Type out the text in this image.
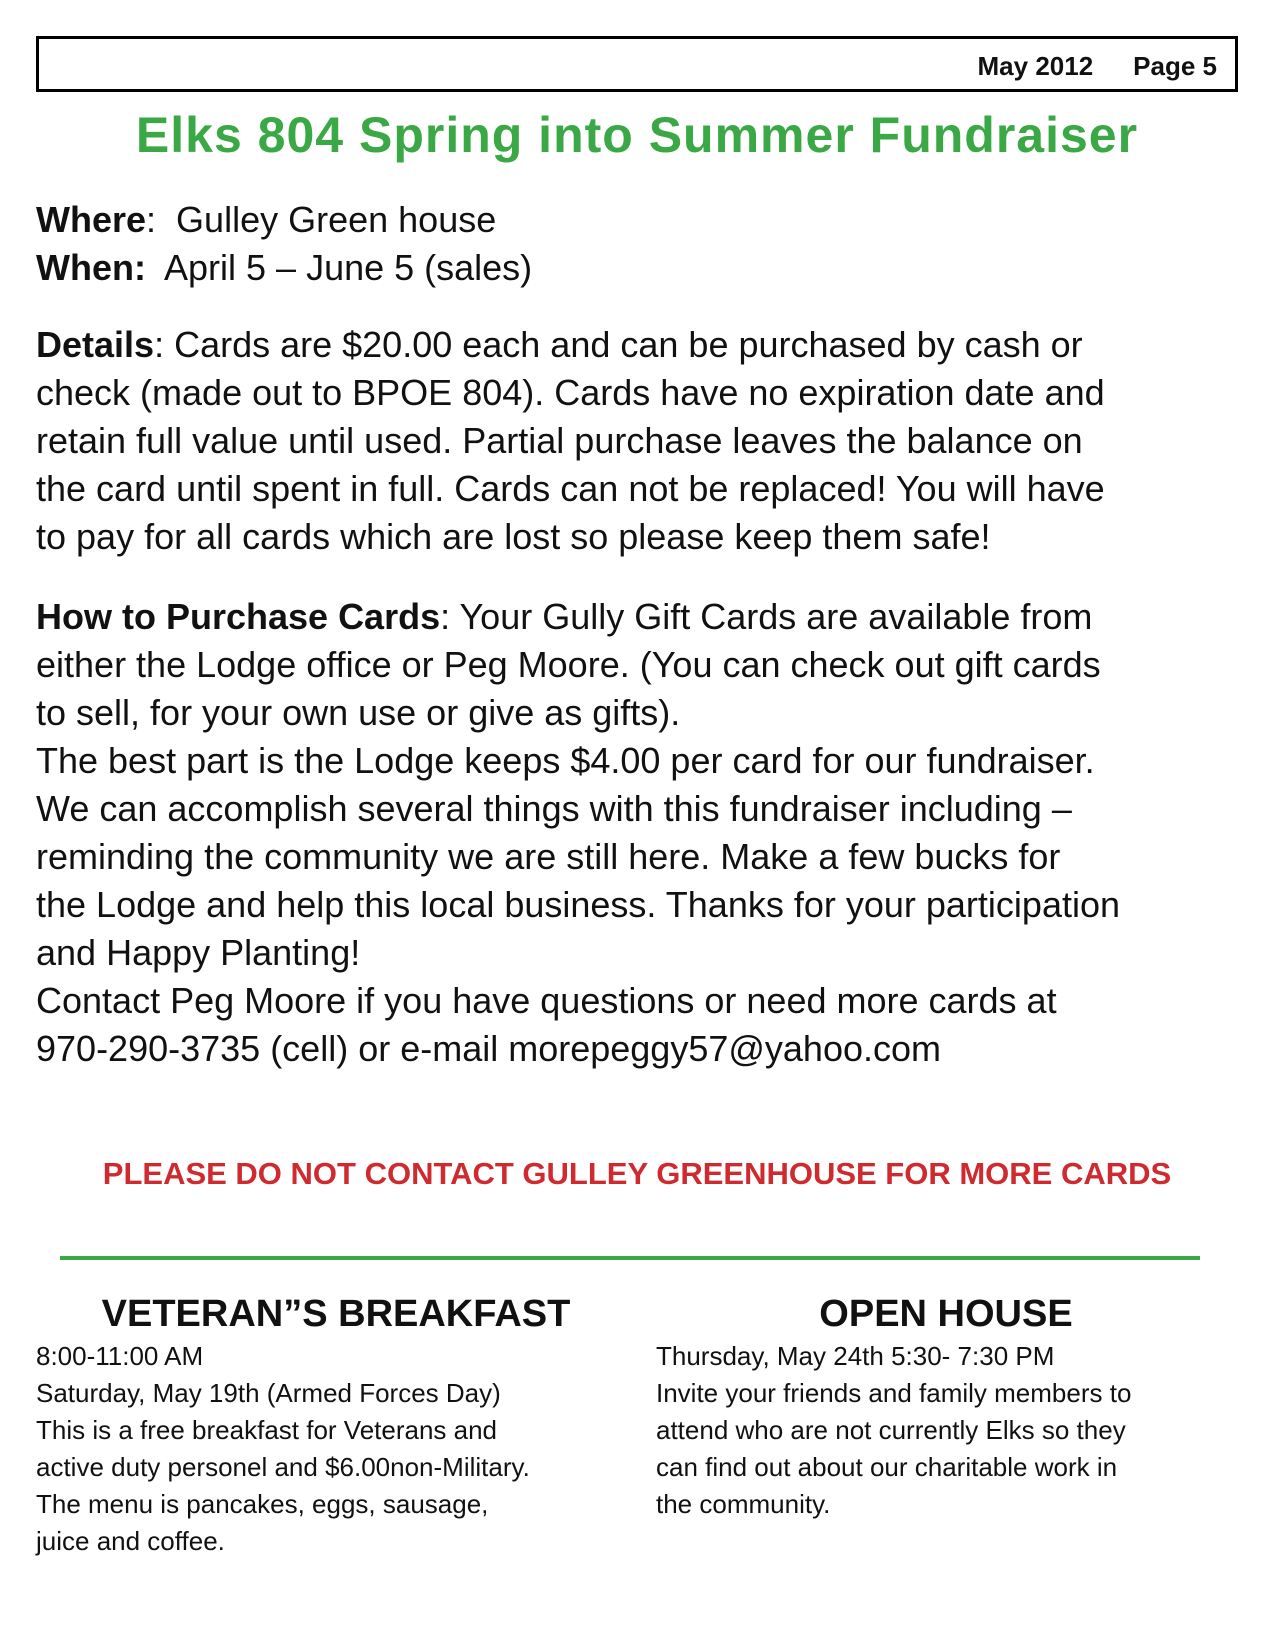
May 2012 Page 5
Elks 804 Spring into Summer Fundraiser
Where:  Gulley Green house
When: April 5 – June 5 (sales)
Details: Cards are $20.00 each and can be purchased by cash or
check (made out to BPOE 804). Cards have no expiration date and
retain full value until used. Partial purchase leaves the balance on
the card until spent in full. Cards can not be replaced! You will have
to pay for all cards which are lost so please keep them safe!
How to Purchase Cards: Your Gully Gift Cards are available from
either the Lodge office or Peg Moore. (You can check out gift cards
to sell, for your own use or give as gifts).
The best part is the Lodge keeps $4.00 per card for our fundraiser.
We can accomplish several things with this fundraiser including –
reminding the community we are still here. Make a few bucks for
the Lodge and help this local business. Thanks for your participation
and Happy Planting!
Contact Peg Moore if you have questions or need more cards at
970-290-3735 (cell) or e-mail morepeggy57@yahoo.com
PLEASE DO NOT CONTACT GULLEY GREENHOUSE FOR MORE CARDS
VETERAN”S BREAKFAST
8:00-11:00 AM
Saturday, May 19th (Armed Forces Day)
This is a free breakfast for Veterans and
active duty personel and $6.00non-Military.
The menu is pancakes, eggs, sausage,
juice and coffee.
OPEN HOUSE
Thursday, May 24th 5:30- 7:30 PM
Invite your friends and family members to
attend who are not currently Elks so they
can find out about our charitable work in
the community.
